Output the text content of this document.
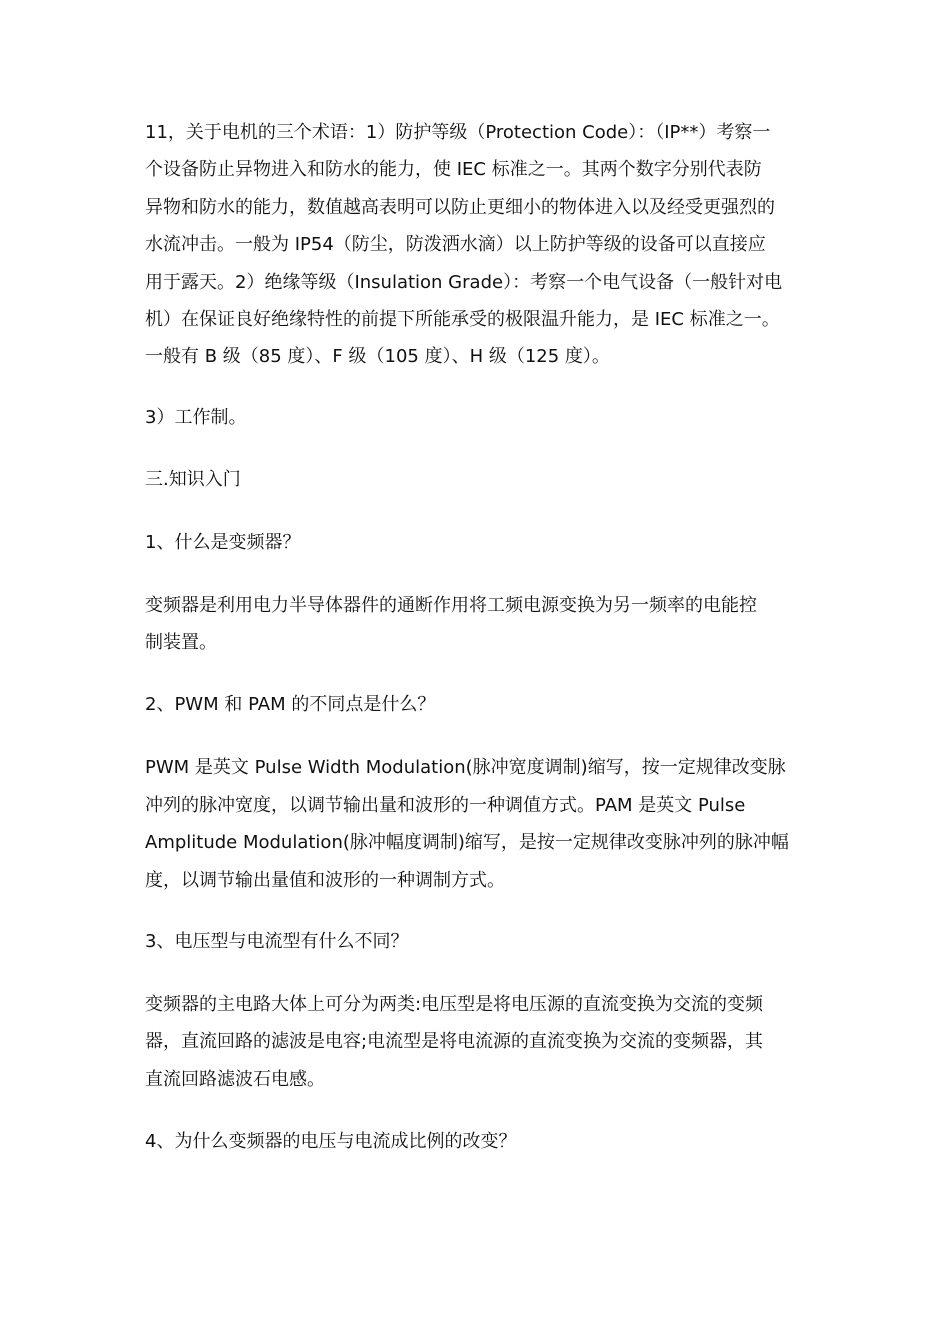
11，关于电机的三个术语：1）防护等级（Protection Code）：（IP**）考察一
个设备防止异物进入和防水的能力，使 IEC 标准之一。其两个数字分别代表防
异物和防水的能力，数值越高表明可以防止更细小的物体进入以及经受更强烈的
水流冲击。一般为 IP54（防尘，防泼洒水滴）以上防护等级的设备可以直接应
用于露天。2）绝缘等级（Insulation Grade）：考察一个电气设备（一般针对电
机）在保证良好绝缘特性的前提下所能承受的极限温升能力，是 IEC 标准之一。
一般有 B 级（85 度）、F 级（105 度）、H 级（125 度）。
3）工作制。
三.知识入门
1、什么是变频器？
变频器是利用电力半导体器件的通断作用将工频电源变换为另一频率的电能控
制装置。
2、PWM 和 PAM 的不同点是什么？
PWM 是英文 Pulse Width Modulation(脉冲宽度调制)缩写，按一定规律改变脉
冲列的脉冲宽度，以调节输出量和波形的一种调值方式。PAM 是英文 Pulse
Amplitude Modulation(脉冲幅度调制)缩写，是按一定规律改变脉冲列的脉冲幅
度，以调节输出量值和波形的一种调制方式。
3、电压型与电流型有什么不同？
变频器的主电路大体上可分为两类:电压型是将电压源的直流变换为交流的变频
器，直流回路的滤波是电容;电流型是将电流源的直流变换为交流的变频器，其
直流回路滤波石电感。
4、为什么变频器的电压与电流成比例的改变？
